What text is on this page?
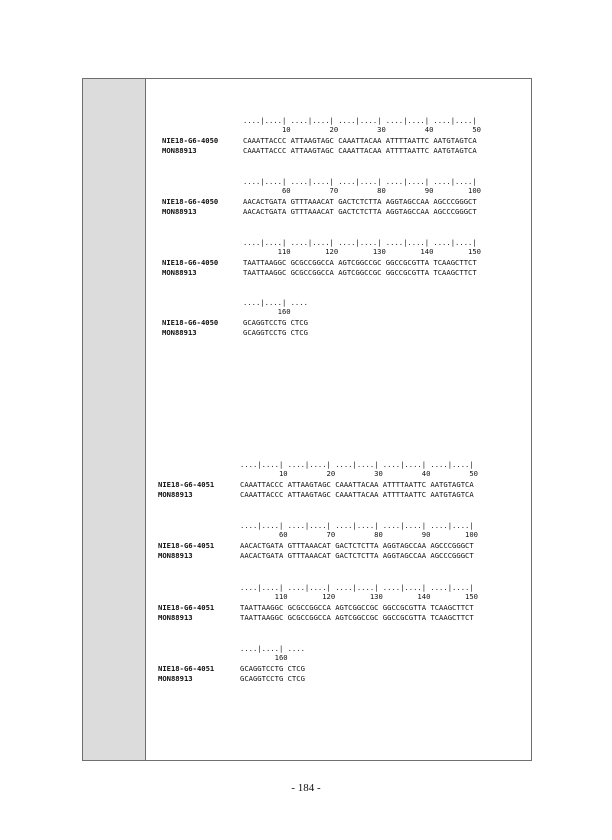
....|....| ....|....| ....|....| ....|....| ....|....|
10         20         30         40         50
NIE18-G6-4050	CAAATTACCC ATTAAGTAGC CAAATTACAA ATTTTAATTC AATGTAGTCA
MON88913	CAAATTACCC ATTAAGTAGC CAAATTACAA ATTTTAATTC AATGTAGTCA
....|....| ....|....| ....|....| ....|....| ....|....|
60         70         80         90        100
NIE18-G6-4050	AACACTGATA GTTTAAACAT GACTCTCTTA AGGTAGCCAA AGCCCGGGCT
MON88913	AACACTGATA GTTTAAACAT GACTCTCTTA AGGTAGCCAA AGCCCGGGCT
....|....| ....|....| ....|....| ....|....| ....|....|
110        120        130        140        150
NIE18-G6-4050	TAATTAAGGC GCGCCGGCCA AGTCGGCCGC GGCCGCGTTA TCAAGCTTCT
MON88913	TAATTAAGGC GCGCCGGCCA AGTCGGCCGC GGCCGCGTTA TCAAGCTTCT
....|....| ....
160
NIE18-G6-4050	GCAGGTCCTG CTCG
MON88913	GCAGGTCCTG CTCG
....|....| ....|....| ....|....| ....|....| ....|....|
10         20         30         40         50
NIE18-G6-4051	CAAATTACCC ATTAAGTAGC CAAATTACAA ATTTTAATTC AATGTAGTCA
MON88913	CAAATTACCC ATTAAGTAGC CAAATTACAA ATTTTAATTC AATGTAGTCA
....|....| ....|....| ....|....| ....|....| ....|....|
60         70         80         90        100
NIE18-G6-4051	AACACTGATA GTTTAAACAT GACTCTCTTA AGGTAGCCAA AGCCCGGGCT
MON88913	AACACTGATA GTTTAAACAT GACTCTCTTA AGGTAGCCAA AGCCCGGGCT
....|....| ....|....| ....|....| ....|....| ....|....|
110        120        130        140        150
NIE18-G6-4051	TAATTAAGGC GCGCCGGCCA AGTCGGCCGC GGCCGCGTTA TCAAGCTTCT
MON88913	TAATTAAGGC GCGCCGGCCA AGTCGGCCGC GGCCGCGTTA TCAAGCTTCT
....|....| ....
160
NIE18-G6-4051	GCAGGTCCTG CTCG
MON88913	GCAGGTCCTG CTCG
- 184 -
